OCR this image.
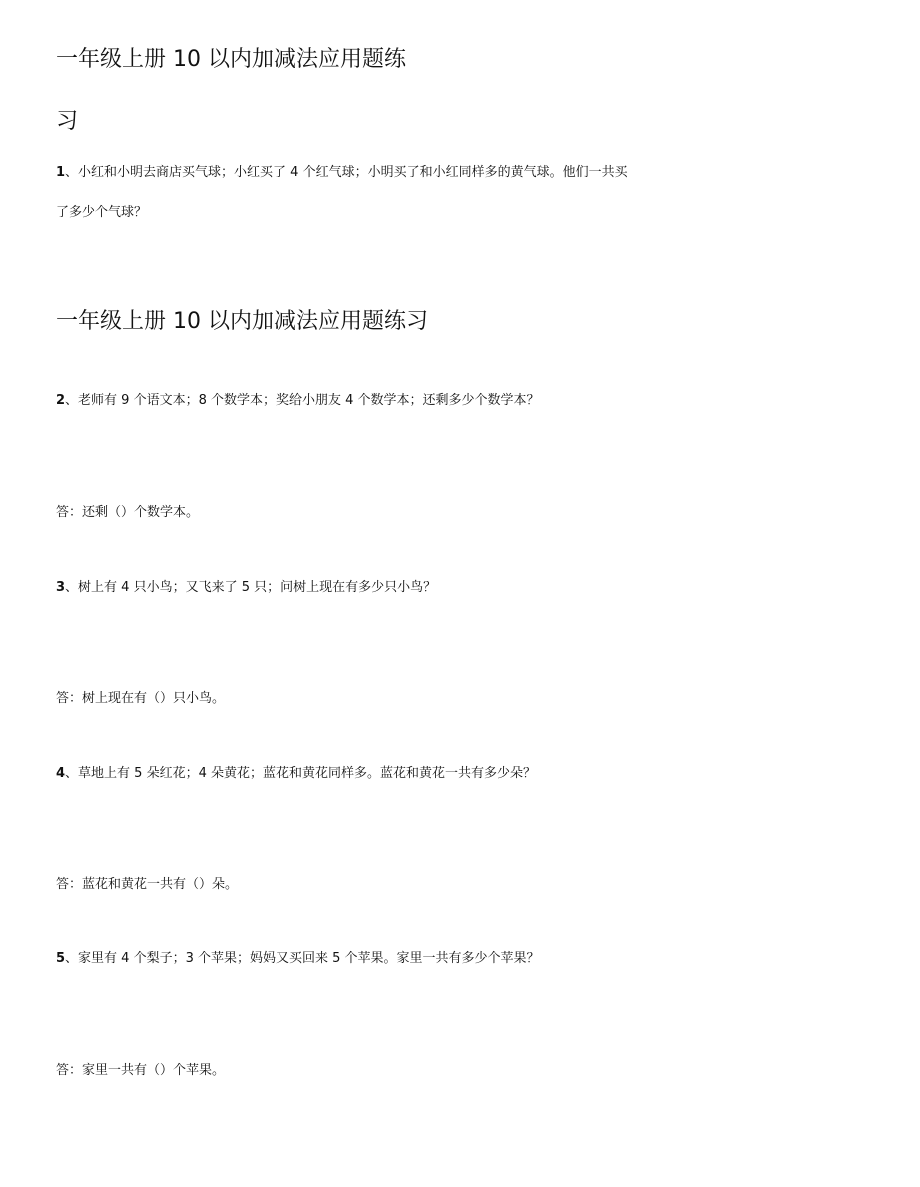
一年级上册 10 以内加减法应用题练
习
1、小红和小明去商店买气球；小红买了 4 个红气球；小明买了和小红同样多的黄气球。他们一共买
了多少个气球？
一年级上册 10 以内加减法应用题练习
2、老师有 9 个语文本；8 个数学本；奖给小朋友 4 个数学本；还剩多少个数学本？
答：还剩（）个数学本。
3、树上有 4 只小鸟；又飞来了 5 只；问树上现在有多少只小鸟？
答：树上现在有（）只小鸟。
4、草地上有 5 朵红花；4 朵黄花；蓝花和黄花同样多。蓝花和黄花一共有多少朵？
答：蓝花和黄花一共有（）朵。
5、家里有 4 个梨子；3 个苹果；妈妈又买回来 5 个苹果。家里一共有多少个苹果？
答：家里一共有（）个苹果。
